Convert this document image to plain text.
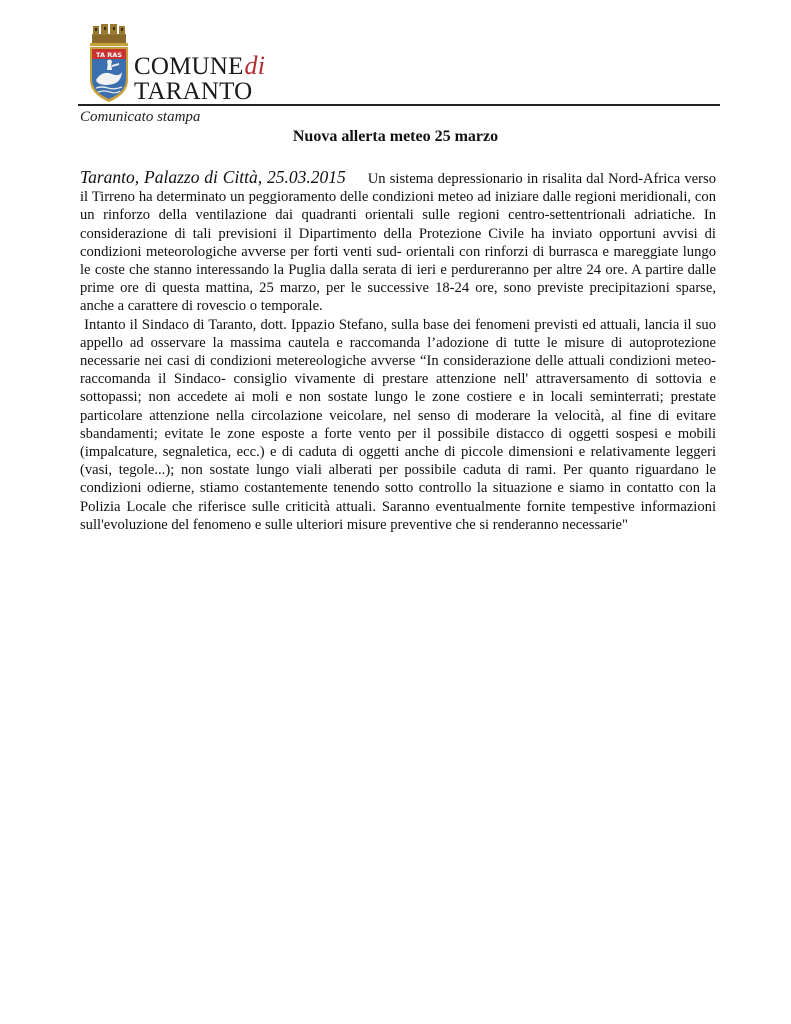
TA RAS COMUNEdi
TARANTO
Comunicato stampa
Nuova allerta meteo 25 marzo

Taranto, Palazzo di Città, 25.03.2015 Un sistema depressionario in risalita dal Nord-Africa verso il Tirreno ha determinato un peggioramento delle condizioni meteo ad iniziare dalle regioni meridionali, con un rinforzo della ventilazione dai quadranti orientali sulle regioni centro-settentrionali adriatiche. In considerazione di tali previsioni il Dipartimento della Protezione Civile ha inviato opportuni avvisi di condizioni meteorologiche avverse per forti venti sud- orientali con rinforzi di burrasca e mareggiate lungo le coste che stanno interessando la Puglia dalla serata di ieri e perdureranno per altre 24 ore. A partire dalle prime ore di questa mattina, 25 marzo, per le successive 18-24 ore, sono previste precipitazioni sparse, anche a carattere di rovescio o temporale.

Intanto il Sindaco di Taranto, dott. Ippazio Stefano, sulla base dei fenomeni previsti ed attuali, lancia il suo appello ad osservare la massima cautela e raccomanda l’adozione di tutte le misure di autoprotezione necessarie nei casi di condizioni metereologiche avverse “In considerazione delle attuali condizioni meteo- raccomanda il Sindaco- consiglio vivamente di prestare attenzione nell' attraversamento di sottovia e sottopassi; non accedete ai moli e non sostate lungo le zone costiere e in locali seminterrati; prestate particolare attenzione nella circolazione veicolare, nel senso di moderare la velocità, al fine di evitare sbandamenti; evitate le zone esposte a forte vento per il possibile distacco di oggetti sospesi e mobili (impalcature, segnaletica, ecc.) e di caduta di oggetti anche di piccole dimensioni e relativamente leggeri (vasi, tegole...); non sostate lungo viali alberati per possibile caduta di rami. Per quanto riguardano le condizioni odierne, stiamo costantemente tenendo sotto controllo la situazione e siamo in contatto con la Polizia Locale che riferisce sulle criticità attuali. Saranno eventualmente fornite tempestive informazioni sull'evoluzione del fenomeno e sulle ulteriori misure preventive che si renderanno necessarie"
